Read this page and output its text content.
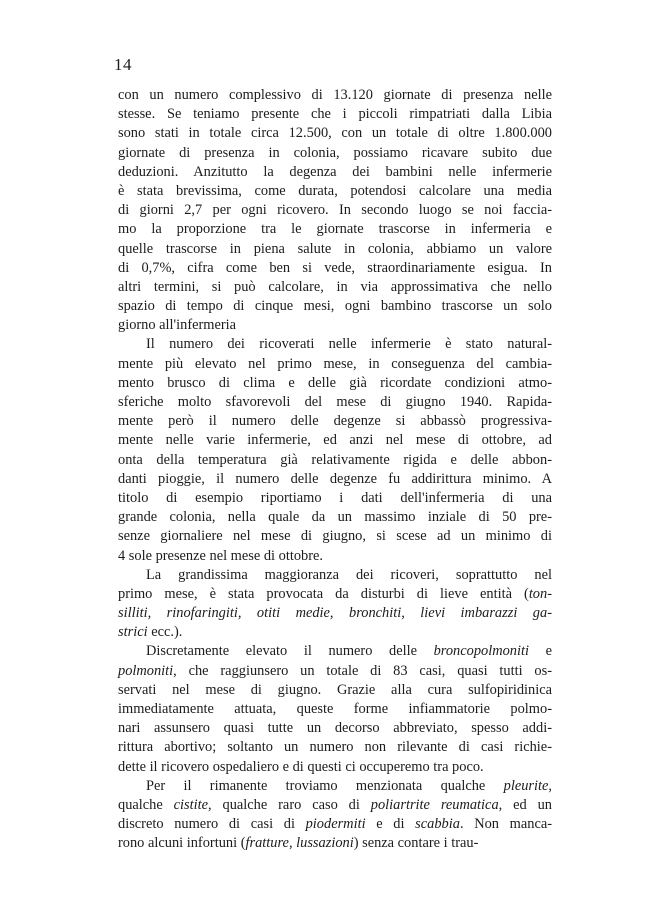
14
con un numero complessivo di 13.120 giornate di presenza nelle
stesse. Se teniamo presente che i piccoli rimpatriati dalla Libia
sono stati in totale circa 12.500, con un totale di oltre 1.800.000
giornate di presenza in colonia, possiamo ricavare subito due
deduzioni. Anzitutto la degenza dei bambini nelle infermerie
è stata brevissima, come durata, potendosi calcolare una media
di giorni 2,7 per ogni ricovero. In secondo luogo se noi faccia-
mo la proporzione tra le giornate trascorse in infermeria e
quelle trascorse in piena salute in colonia, abbiamo un valore
di 0,7%, cifra come ben si vede, straordinariamente esigua. In
altri termini, si può calcolare, in via approssimativa che nello
spazio di tempo di cinque mesi, ogni bambino trascorse un solo
giorno all'infermeria
Il numero dei ricoverati nelle infermerie è stato natural-
mente più elevato nel primo mese, in conseguenza del cambia-
mento brusco di clima e delle già ricordate condizioni atmo-
sferiche molto sfavorevoli del mese di giugno 1940. Rapida-
mente però il numero delle degenze si abbassò progressiva-
mente nelle varie infermerie, ed anzi nel mese di ottobre, ad
onta della temperatura già relativamente rigida e delle abbon-
danti pioggie, il numero delle degenze fu addirittura minimo. A
titolo di esempio riportiamo i dati dell'infermeria di una
grande colonia, nella quale da un massimo inziale di 50 pre-
senze giornaliere nel mese di giugno, si scese ad un minimo di
4 sole presenze nel mese di ottobre.
La grandissima maggioranza dei ricoveri, soprattutto nel
primo mese, è stata provocata da disturbi di lieve entità (ton-
silliti, rinofaringiti, otiti medie, bronchiti, lievi imbarazzi ga-
strici ecc.).
Discretamente elevato il numero delle broncopolmoniti e
polmoniti, che raggiunsero un totale di 83 casi, quasi tutti os-
servati nel mese di giugno. Grazie alla cura sulfopiridinica
immediatamente attuata, queste forme infiammatorie polmo-
nari assunsero quasi tutte un decorso abbreviato, spesso addi-
rittura abortivo; soltanto un numero non rilevante di casi richie-
dette il ricovero ospedaliero e di questi ci occuperemo tra poco.
Per il rimanente troviamo menzionata qualche pleurite,
qualche cistite, qualche raro caso di poliartrite reumatica, ed un
discreto numero di casi di piodermiti e di scabbia. Non manca-
rono alcuni infortuni (fratture, lussazioni) senza contare i trau-
